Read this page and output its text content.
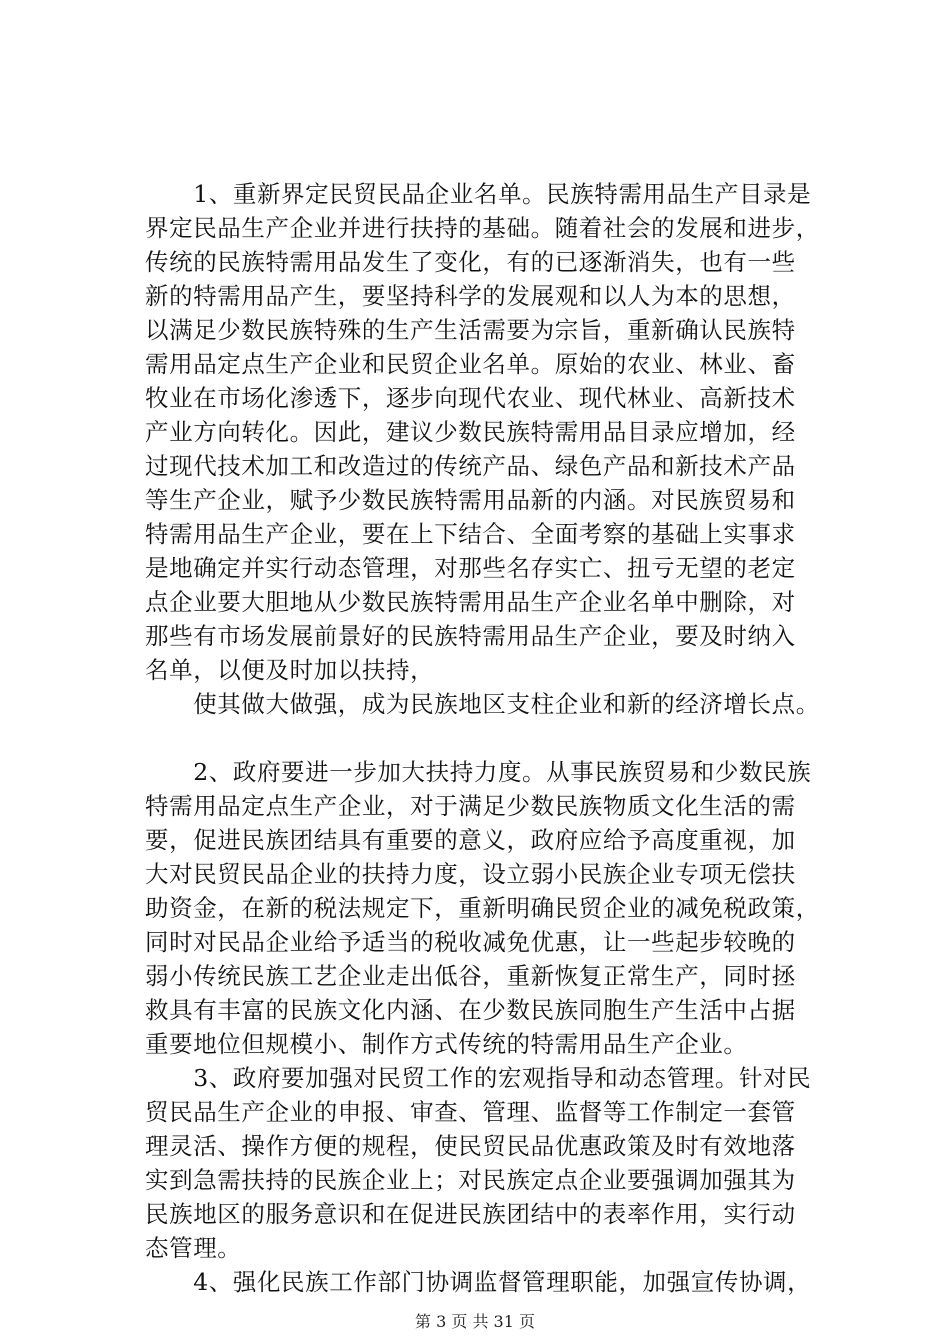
　　1、重新界定民贸民品企业名单。民族特需用品生产目录是
界定民品生产企业并进行扶持的基础。随着社会的发展和进步，
传统的民族特需用品发生了变化，有的已逐渐消失，也有一些
新的特需用品产生，要坚持科学的发展观和以人为本的思想，
以满足少数民族特殊的生产生活需要为宗旨，重新确认民族特
需用品定点生产企业和民贸企业名单。原始的农业、林业、畜
牧业在市场化渗透下，逐步向现代农业、现代林业、高新技术
产业方向转化。因此，建议少数民族特需用品目录应增加，经
过现代技术加工和改造过的传统产品、绿色产品和新技术产品
等生产企业，赋予少数民族特需用品新的内涵。对民族贸易和
特需用品生产企业，要在上下结合、全面考察的基础上实事求
是地确定并实行动态管理，对那些名存实亡、扭亏无望的老定
点企业要大胆地从少数民族特需用品生产企业名单中删除，对
那些有市场发展前景好的民族特需用品生产企业，要及时纳入
名单，以便及时加以扶持，
　　使其做大做强，成为民族地区支柱企业和新的经济增长点。
　　2、政府要进一步加大扶持力度。从事民族贸易和少数民族
特需用品定点生产企业，对于满足少数民族物质文化生活的需
要，促进民族团结具有重要的意义，政府应给予高度重视，加
大对民贸民品企业的扶持力度，设立弱小民族企业专项无偿扶
助资金，在新的税法规定下，重新明确民贸企业的减免税政策，
同时对民品企业给予适当的税收减免优惠，让一些起步较晚的
弱小传统民族工艺企业走出低谷，重新恢复正常生产，同时拯
救具有丰富的民族文化内涵、在少数民族同胞生产生活中占据
重要地位但规模小、制作方式传统的特需用品生产企业。
　　3、政府要加强对民贸工作的宏观指导和动态管理。针对民
贸民品生产企业的申报、审查、管理、监督等工作制定一套管
理灵活、操作方便的规程，使民贸民品优惠政策及时有效地落
实到急需扶持的民族企业上；对民族定点企业要强调加强其为
民族地区的服务意识和在促进民族团结中的表率作用，实行动
态管理。
　　4、强化民族工作部门协调监督管理职能，加强宣传协调，
第 3 页 共 31 页
